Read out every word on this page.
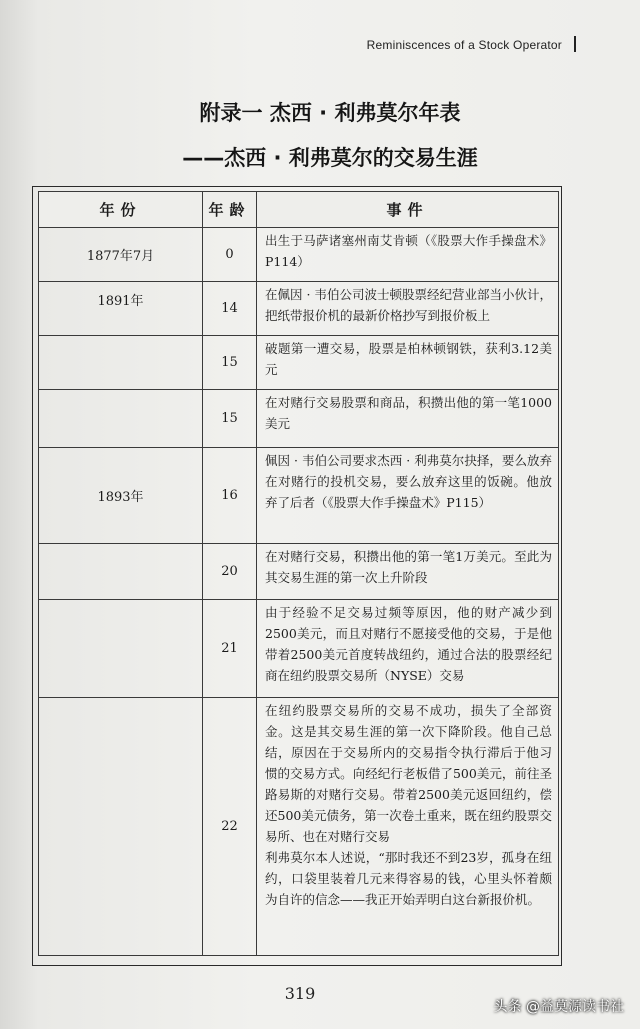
Reminiscences of a Stock Operator
附录一 杰西 · 利弗莫尔年表
——杰西 · 利弗莫尔的交易生涯
年份	年龄	事件
1877年7月	0	出生于马萨诸塞州南艾肯顿（《股票大作手操盘术》P114）
1891年	14	在佩因 · 韦伯公司波士顿股票经纪营业部当小伙计，把纸带报价机的最新价格抄写到报价板上
	15	破题第一遭交易，股票是柏林顿钢铁，获利3.12美元
	15	在对赌行交易股票和商品，积攒出他的第一笔1000美元
1893年	16	佩因 · 韦伯公司要求杰西 · 利弗莫尔抉择，要么放弃在对赌行的投机交易，要么放弃这里的饭碗。他放弃了后者（《股票大作手操盘术》P115）
	20	在对赌行交易，积攒出他的第一笔1万美元。至此为其交易生涯的第一次上升阶段
	21	由于经验不足交易过频等原因，他的财产减少到2500美元，而且对赌行不愿接受他的交易，于是他带着2500美元首度转战纽约，通过合法的股票经纪商在纽约股票交易所（NYSE）交易
	22	在纽约股票交易所的交易不成功，损失了全部资金。这是其交易生涯的第一次下降阶段。他自己总结，原因在于交易所内的交易指令执行滞后于他习惯的交易方式。向经纪行老板借了500美元，前往圣路易斯的对赌行交易。带着2500美元返回纽约，偿还500美元债务，第一次卷土重来，既在纽约股票交易所、也在对赌行交易
利弗莫尔本人述说，“那时我还不到23岁，孤身在纽约，口袋里装着几元来得容易的钱，心里头怀着颇为自许的信念——我正开始弄明白这台新报价机。
319
头条 @益莫源读书社
